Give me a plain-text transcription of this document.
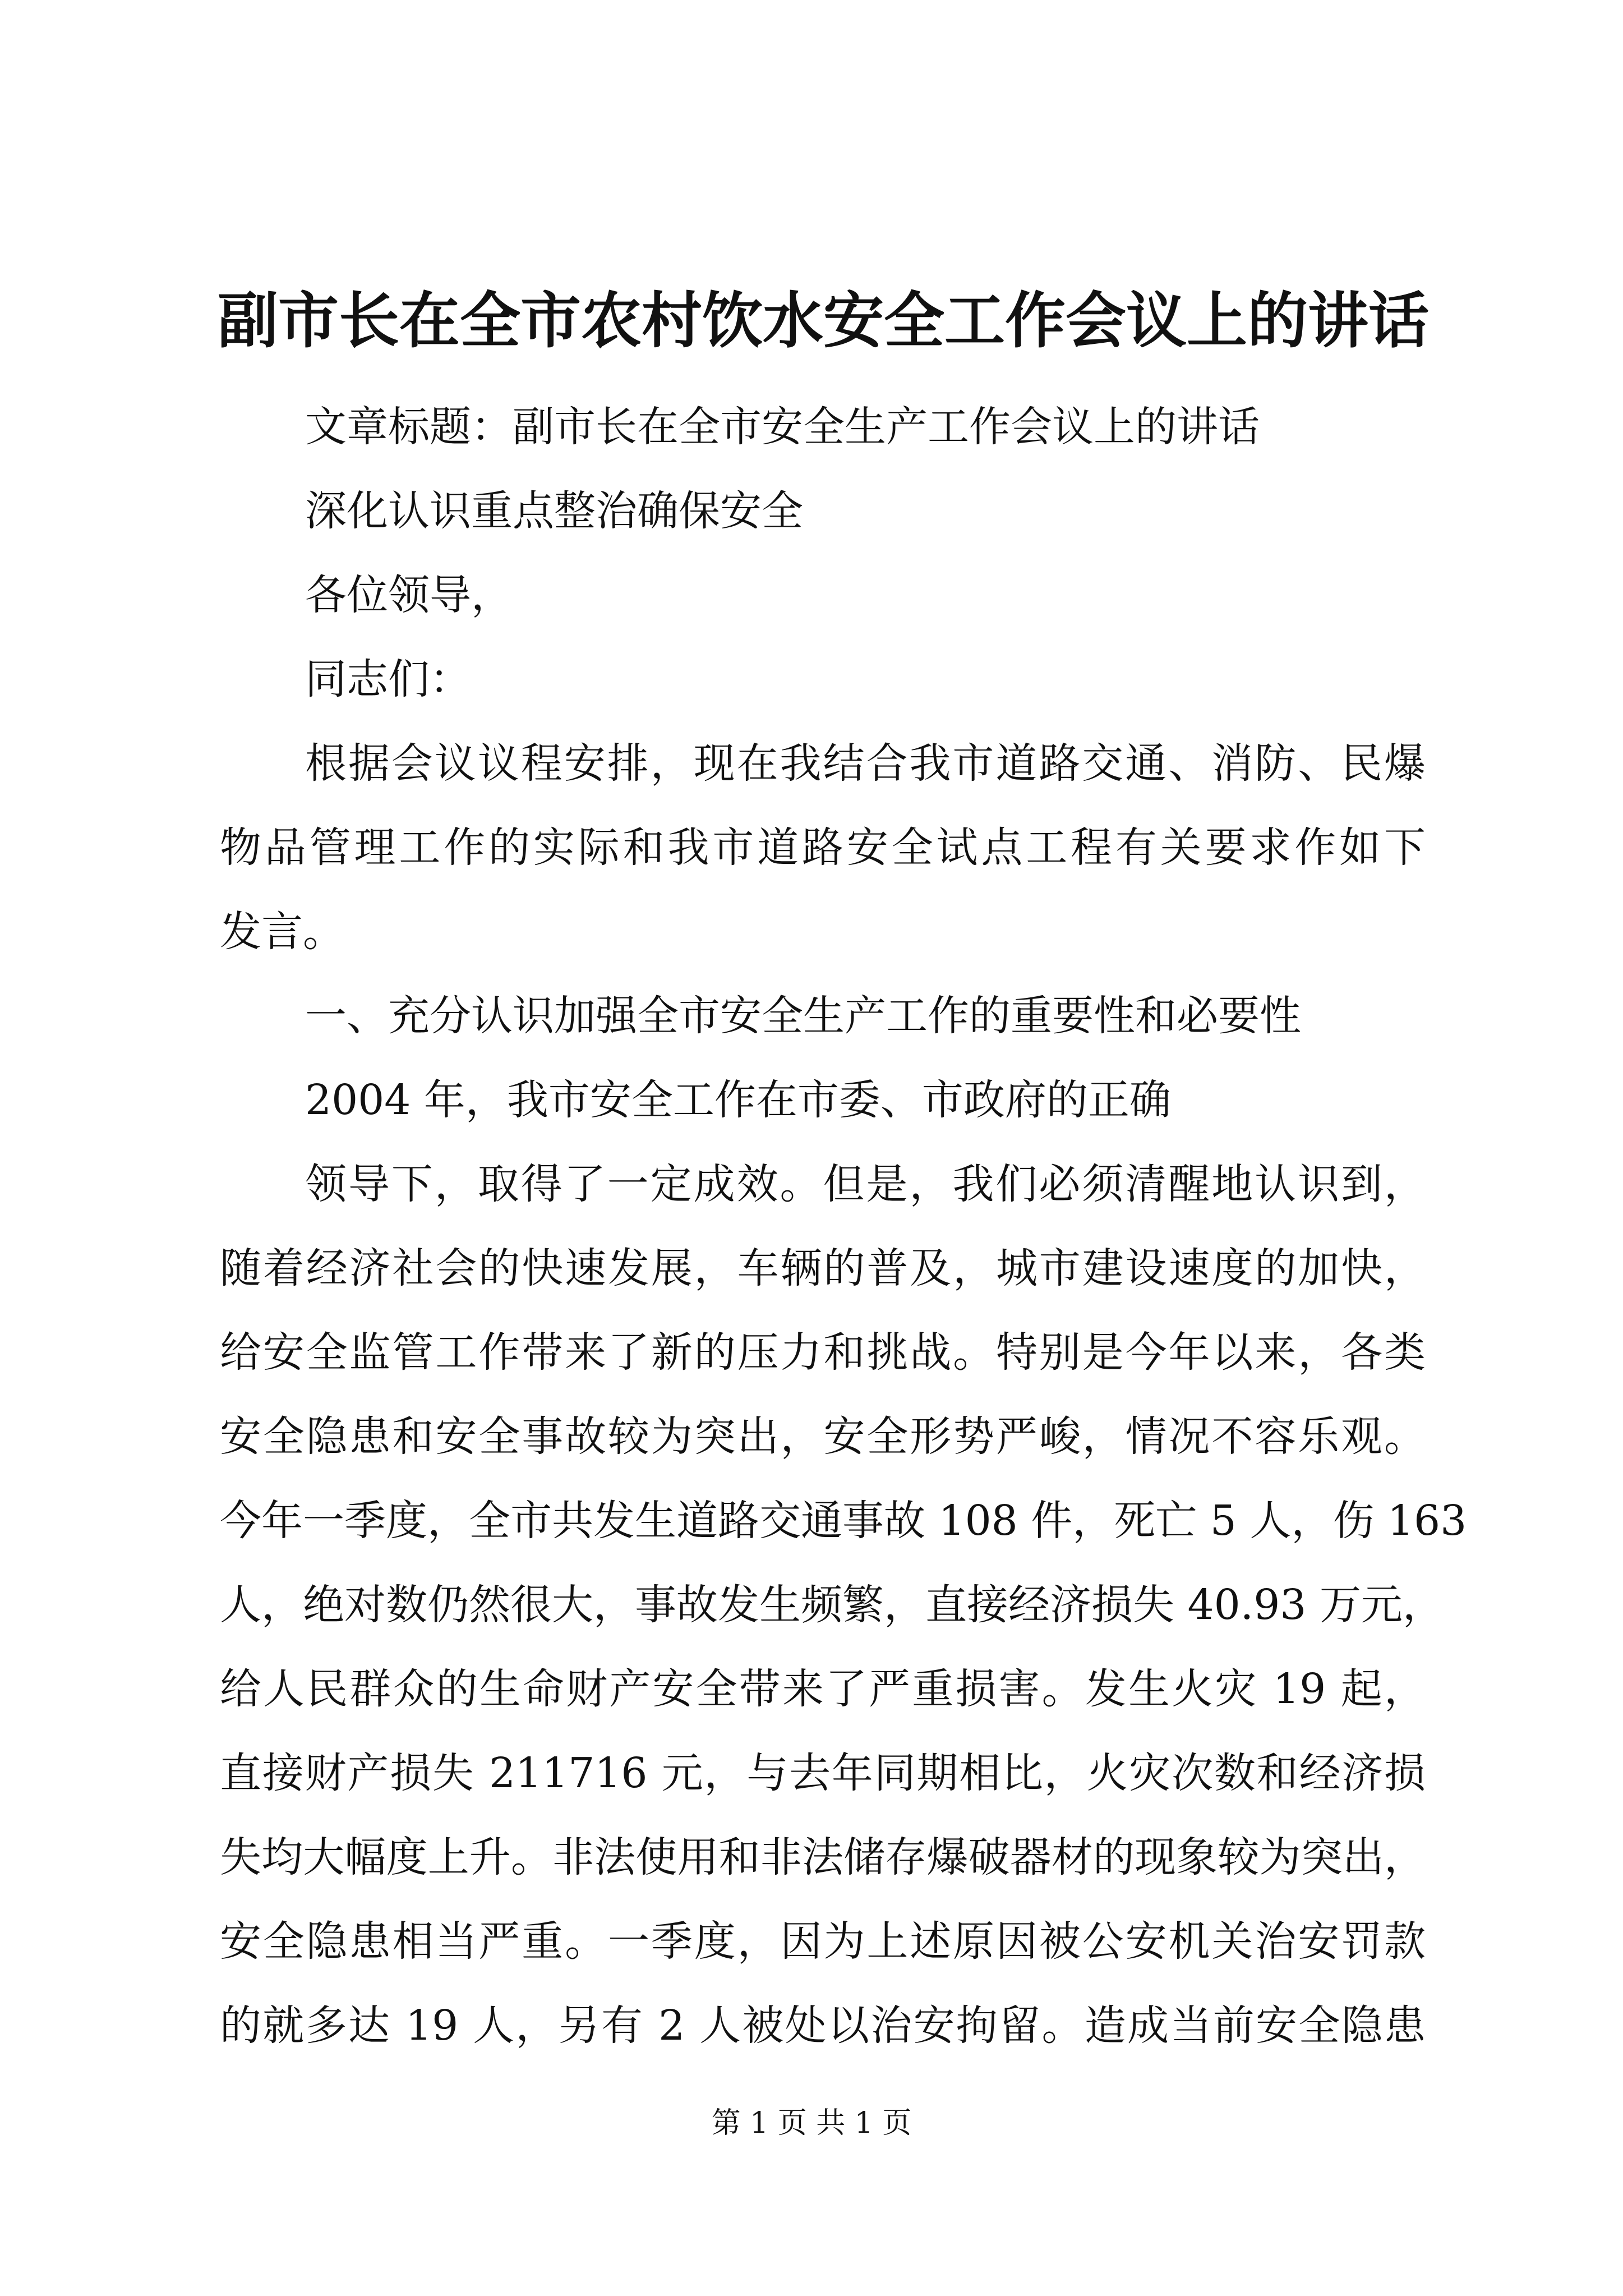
副市长在全市农村饮水安全工作会议上的讲话
文章标题：副市长在全市安全生产工作会议上的讲话
深化认识重点整治确保安全
各位领导，
同志们：
根据会议议程安排，现在我结合我市道路交通、消防、民爆
物品管理工作的实际和我市道路安全试点工程有关要求作如下
发言。
一、充分认识加强全市安全生产工作的重要性和必要性
2004 年，我市安全工作在市委、市政府的正确
领导下，取得了一定成效。但是，我们必须清醒地认识到，
随着经济社会的快速发展，车辆的普及，城市建设速度的加快，
给安全监管工作带来了新的压力和挑战。特别是今年以来，各类
安全隐患和安全事故较为突出，安全形势严峻，情况不容乐观。
今年一季度，全市共发生道路交通事故 108 件，死亡 5 人，伤 163
人，绝对数仍然很大，事故发生频繁，直接经济损失 40.93 万元，
给人民群众的生命财产安全带来了严重损害。发生火灾 19 起，
直接财产损失 211716 元，与去年同期相比，火灾次数和经济损
失均大幅度上升。非法使用和非法储存爆破器材的现象较为突出，
安全隐患相当严重。一季度，因为上述原因被公安机关治安罚款
的就多达 19 人，另有 2 人被处以治安拘留。造成当前安全隐患
第 1 页 共 1 页
